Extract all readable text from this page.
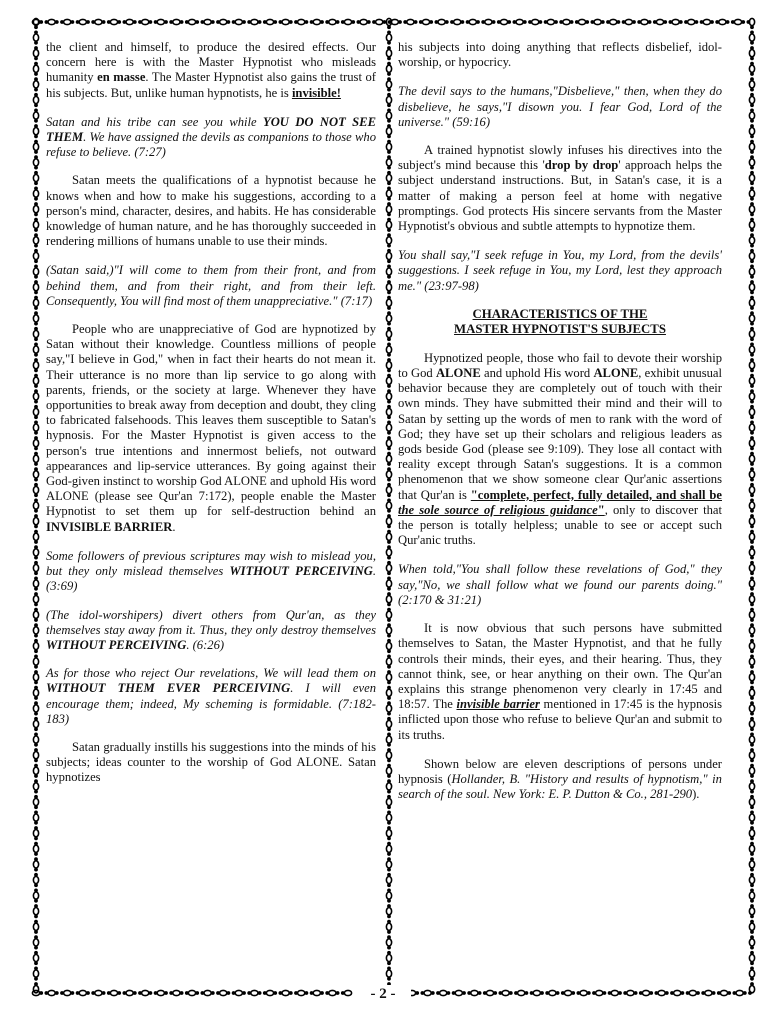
the client and himself, to produce the desired effects. Our concern here is with the Master Hypnotist who misleads humanity en masse. The Master Hypnotist also gains the trust of his subjects. But, unlike human hypnotists, he is invisible!

Satan and his tribe can see you while YOU DO NOT SEE THEM. We have assigned the devils as companions to those who refuse to believe. (7:27)

Satan meets the qualifications of a hypnotist because he knows when and how to make his suggestions, according to a person's mind, character, desires, and habits. He has considerable knowledge of human nature, and he has thoroughly succeeded in rendering millions of humans unable to use their minds.

(Satan said,)"I will come to them from their front, and from behind them, and from their right, and from their left. Consequently, You will find most of them unappreciative." (7:17)

People who are unappreciative of God are hypnotized by Satan without their knowledge. Countless millions of people say,"I believe in God," when in fact their hearts do not mean it. Their utterance is no more than lip service to go along with parents, friends, or the society at large. Whenever they have opportunities to break away from deception and doubt, they cling to fabricated falsehoods. This leaves them susceptible to Satan's hypnosis. For the Master Hypnotist is given access to the person's true intentions and innermost beliefs, not outward appearances and lip-service utterances. By going against their God-given instinct to worship God ALONE and uphold His word ALONE (please see Qur'an 7:172), people enable the Master Hypnotist to set them up for self-destruction behind an INVISIBLE BARRIER.

Some followers of previous scriptures may wish to mislead you, but they only mislead themselves WITHOUT PERCEIVING. (3:69)

(The idol-worshipers) divert others from Qur'an, as they themselves stay away from it. Thus, they only destroy themselves WITHOUT PERCEIVING. (6:26)

As for those who reject Our revelations, We will lead them on WITHOUT THEM EVER PERCEIVING. I will even encourage them; indeed, My scheming is formidable. (7:182-183)

Satan gradually instills his suggestions into the minds of his subjects; ideas counter to the worship of God ALONE. Satan hypnotizes

his subjects into doing anything that reflects disbelief, idol-worship, or hypocricy.

The devil says to the humans,"Disbelieve," then, when they do disbelieve, he says,"I disown you. I fear God, Lord of the universe." (59:16)

A trained hypnotist slowly infuses his directives into the subject's mind because this 'drop by drop' approach helps the subject understand instructions. But, in Satan's case, it is a matter of making a person feel at home with negative promptings. God protects His sincere servants from the Master Hypnotist's obvious and subtle attempts to hypnotize them.

You shall say,"I seek refuge in You, my Lord, from the devils' suggestions. I seek refuge in You, my Lord, lest they approach me." (23:97-98)

CHARACTERISTICS OF THE
MASTER HYPNOTIST'S SUBJECTS

Hypnotized people, those who fail to devote their worship to God ALONE and uphold His word ALONE, exhibit unusual behavior because they are completely out of touch with their own minds. They have submitted their mind and their will to Satan by setting up the words of men to rank with the word of God; they have set up their scholars and religious leaders as gods beside God (please see 9:109). They lose all contact with reality except through Satan's suggestions. It is a common phenomenon that we show someone clear Qur'anic assertions that Qur'an is "complete, perfect, fully detailed, and shall be the sole source of religious guidance", only to discover that the person is totally helpless; unable to see or accept such Qur'anic truths.

When told,"You shall follow these revelations of God," they say,"No, we shall follow what we found our parents doing." (2:170 & 31:21)

It is now obvious that such persons have submitted themselves to Satan, the Master Hypnotist, and that he fully controls their minds, their eyes, and their hearing. Thus, they cannot think, see, or hear anything on their own. The Qur'an explains this strange phenomenon very clearly in 17:45 and 18:57. The invisible barrier mentioned in 17:45 is the hypnosis inflicted upon those who refuse to believe Qur'an and submit to its truths.

Shown below are eleven descriptions of persons under hypnosis (Hollander, B. "History and results of hypnotism," in search of the soul. New York: E. P. Dutton & Co., 281-290).

- 2 -
